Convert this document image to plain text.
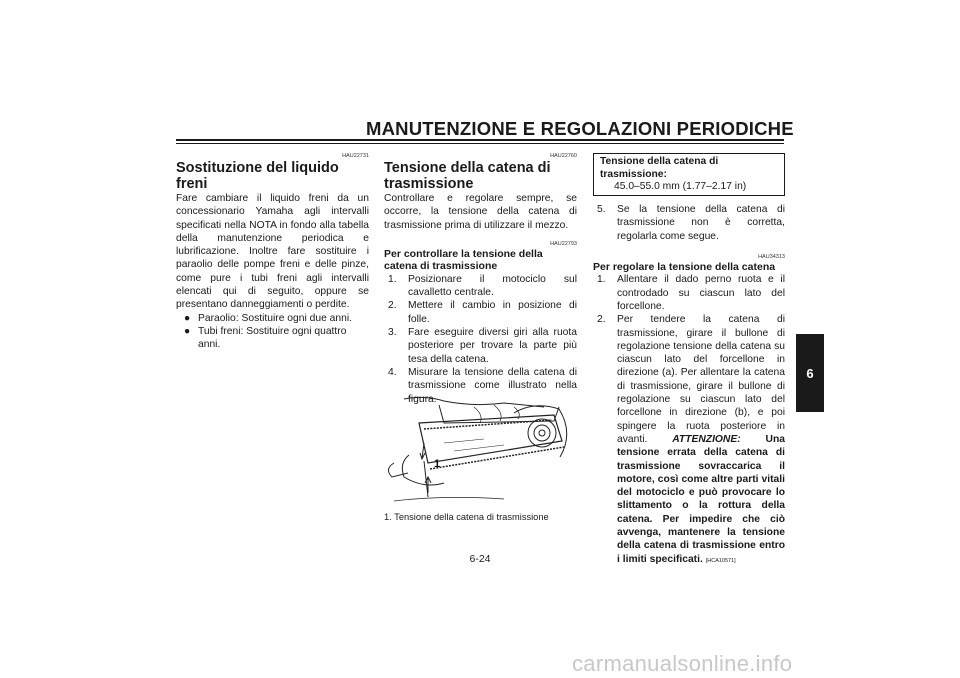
MANUTENZIONE E REGOLAZIONI PERIODICHE
6
HAU22731
Sostituzione del liquido freni

Fare cambiare il liquido freni da un concessionario Yamaha agli intervalli specificati nella NOTA in fondo alla tabella della manutenzione periodica e lubrificazione. Inoltre fare sostituire i paraolio delle pompe freni e delle pinze, come pure i tubi freni agli intervalli elencati qui di seguito, oppure se presentano danneggiamenti o perdite.

● Paraolio: Sostituire ogni due anni.
● Tubi freni: Sostituire ogni quattro anni.
HAU22760
Tensione della catena di trasmissione

Controllare e regolare sempre, se occorre, la tensione della catena di trasmissione prima di utilizzare il mezzo.

HAU22793
Per controllare la tensione della catena di trasmissione
1. Posizionare il motociclo sul cavalletto centrale.
2. Mettere il cambio in posizione di folle.
3. Fare eseguire diversi giri alla ruota posteriore per trovare la parte più tesa della catena.
4. Misurare la tensione della catena di trasmissione come illustrato nella figura.
1
1. Tensione della catena di trasmissione
Tensione della catena di trasmissione:
45.0–55.0 mm (1.77–2.17 in)
5. Se la tensione della catena di trasmissione non è corretta, regolarla come segue.
HAU34313
Per regolare la tensione della catena
1. Allentare il dado perno ruota e il controdado su ciascun lato del forcellone.
2. Per tendere la catena di trasmissione, girare il bullone di regolazione tensione della catena su ciascun lato del forcellone in direzione (a). Per allentare la catena di trasmissione, girare il bullone di regolazione su ciascun lato del forcellone in direzione (b), e poi spingere la ruota posteriore in avanti. ATTENZIONE: Una tensione errata della catena di trasmissione sovraccarica il motore, così come altre parti vitali del motociclo e può provocare lo slittamento o la rottura della catena. Per impedire che ciò avvenga, mantenere la tensione della catena di trasmissione entro i limiti specificati. [HCA10571]
6-24
carmanualsonline.info
